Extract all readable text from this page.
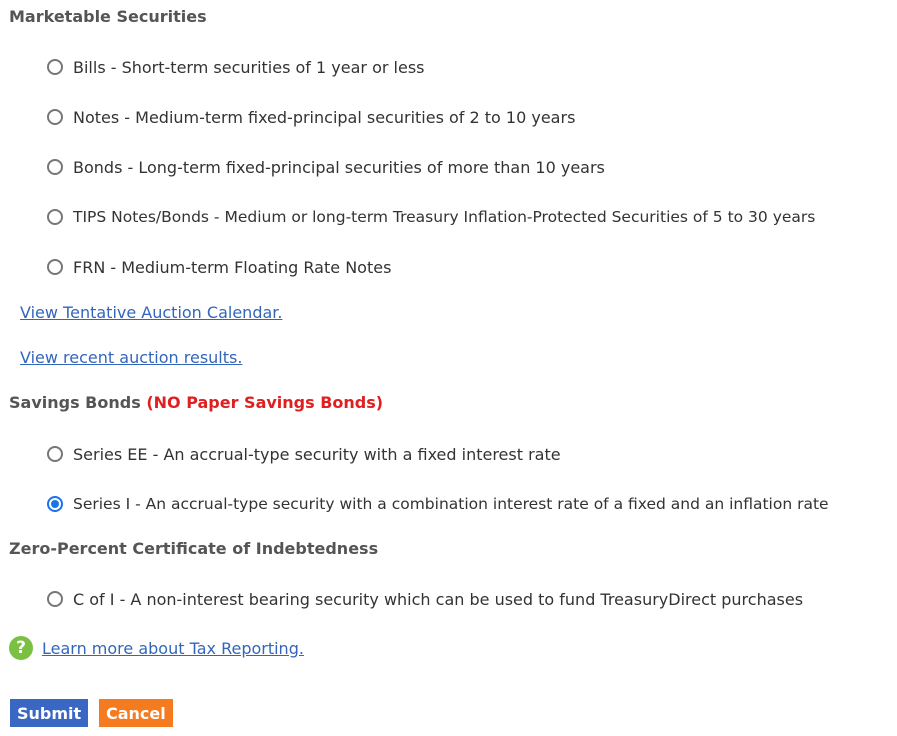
Marketable Securities
Bills - Short-term securities of 1 year or less
Notes - Medium-term fixed-principal securities of 2 to 10 years
Bonds - Long-term fixed-principal securities of more than 10 years
TIPS Notes/Bonds - Medium or long-term Treasury Inflation-Protected Securities of 5 to 30 years
FRN - Medium-term Floating Rate Notes
View Tentative Auction Calendar.
View recent auction results.
Savings Bonds (NO Paper Savings Bonds)
Series EE - An accrual-type security with a fixed interest rate
Series I - An accrual-type security with a combination interest rate of a fixed and an inflation rate
Zero-Percent Certificate of Indebtedness
C of I - A non-interest bearing security which can be used to fund TreasuryDirect purchases
?	Learn more about Tax Reporting.
Submit	Cancel
